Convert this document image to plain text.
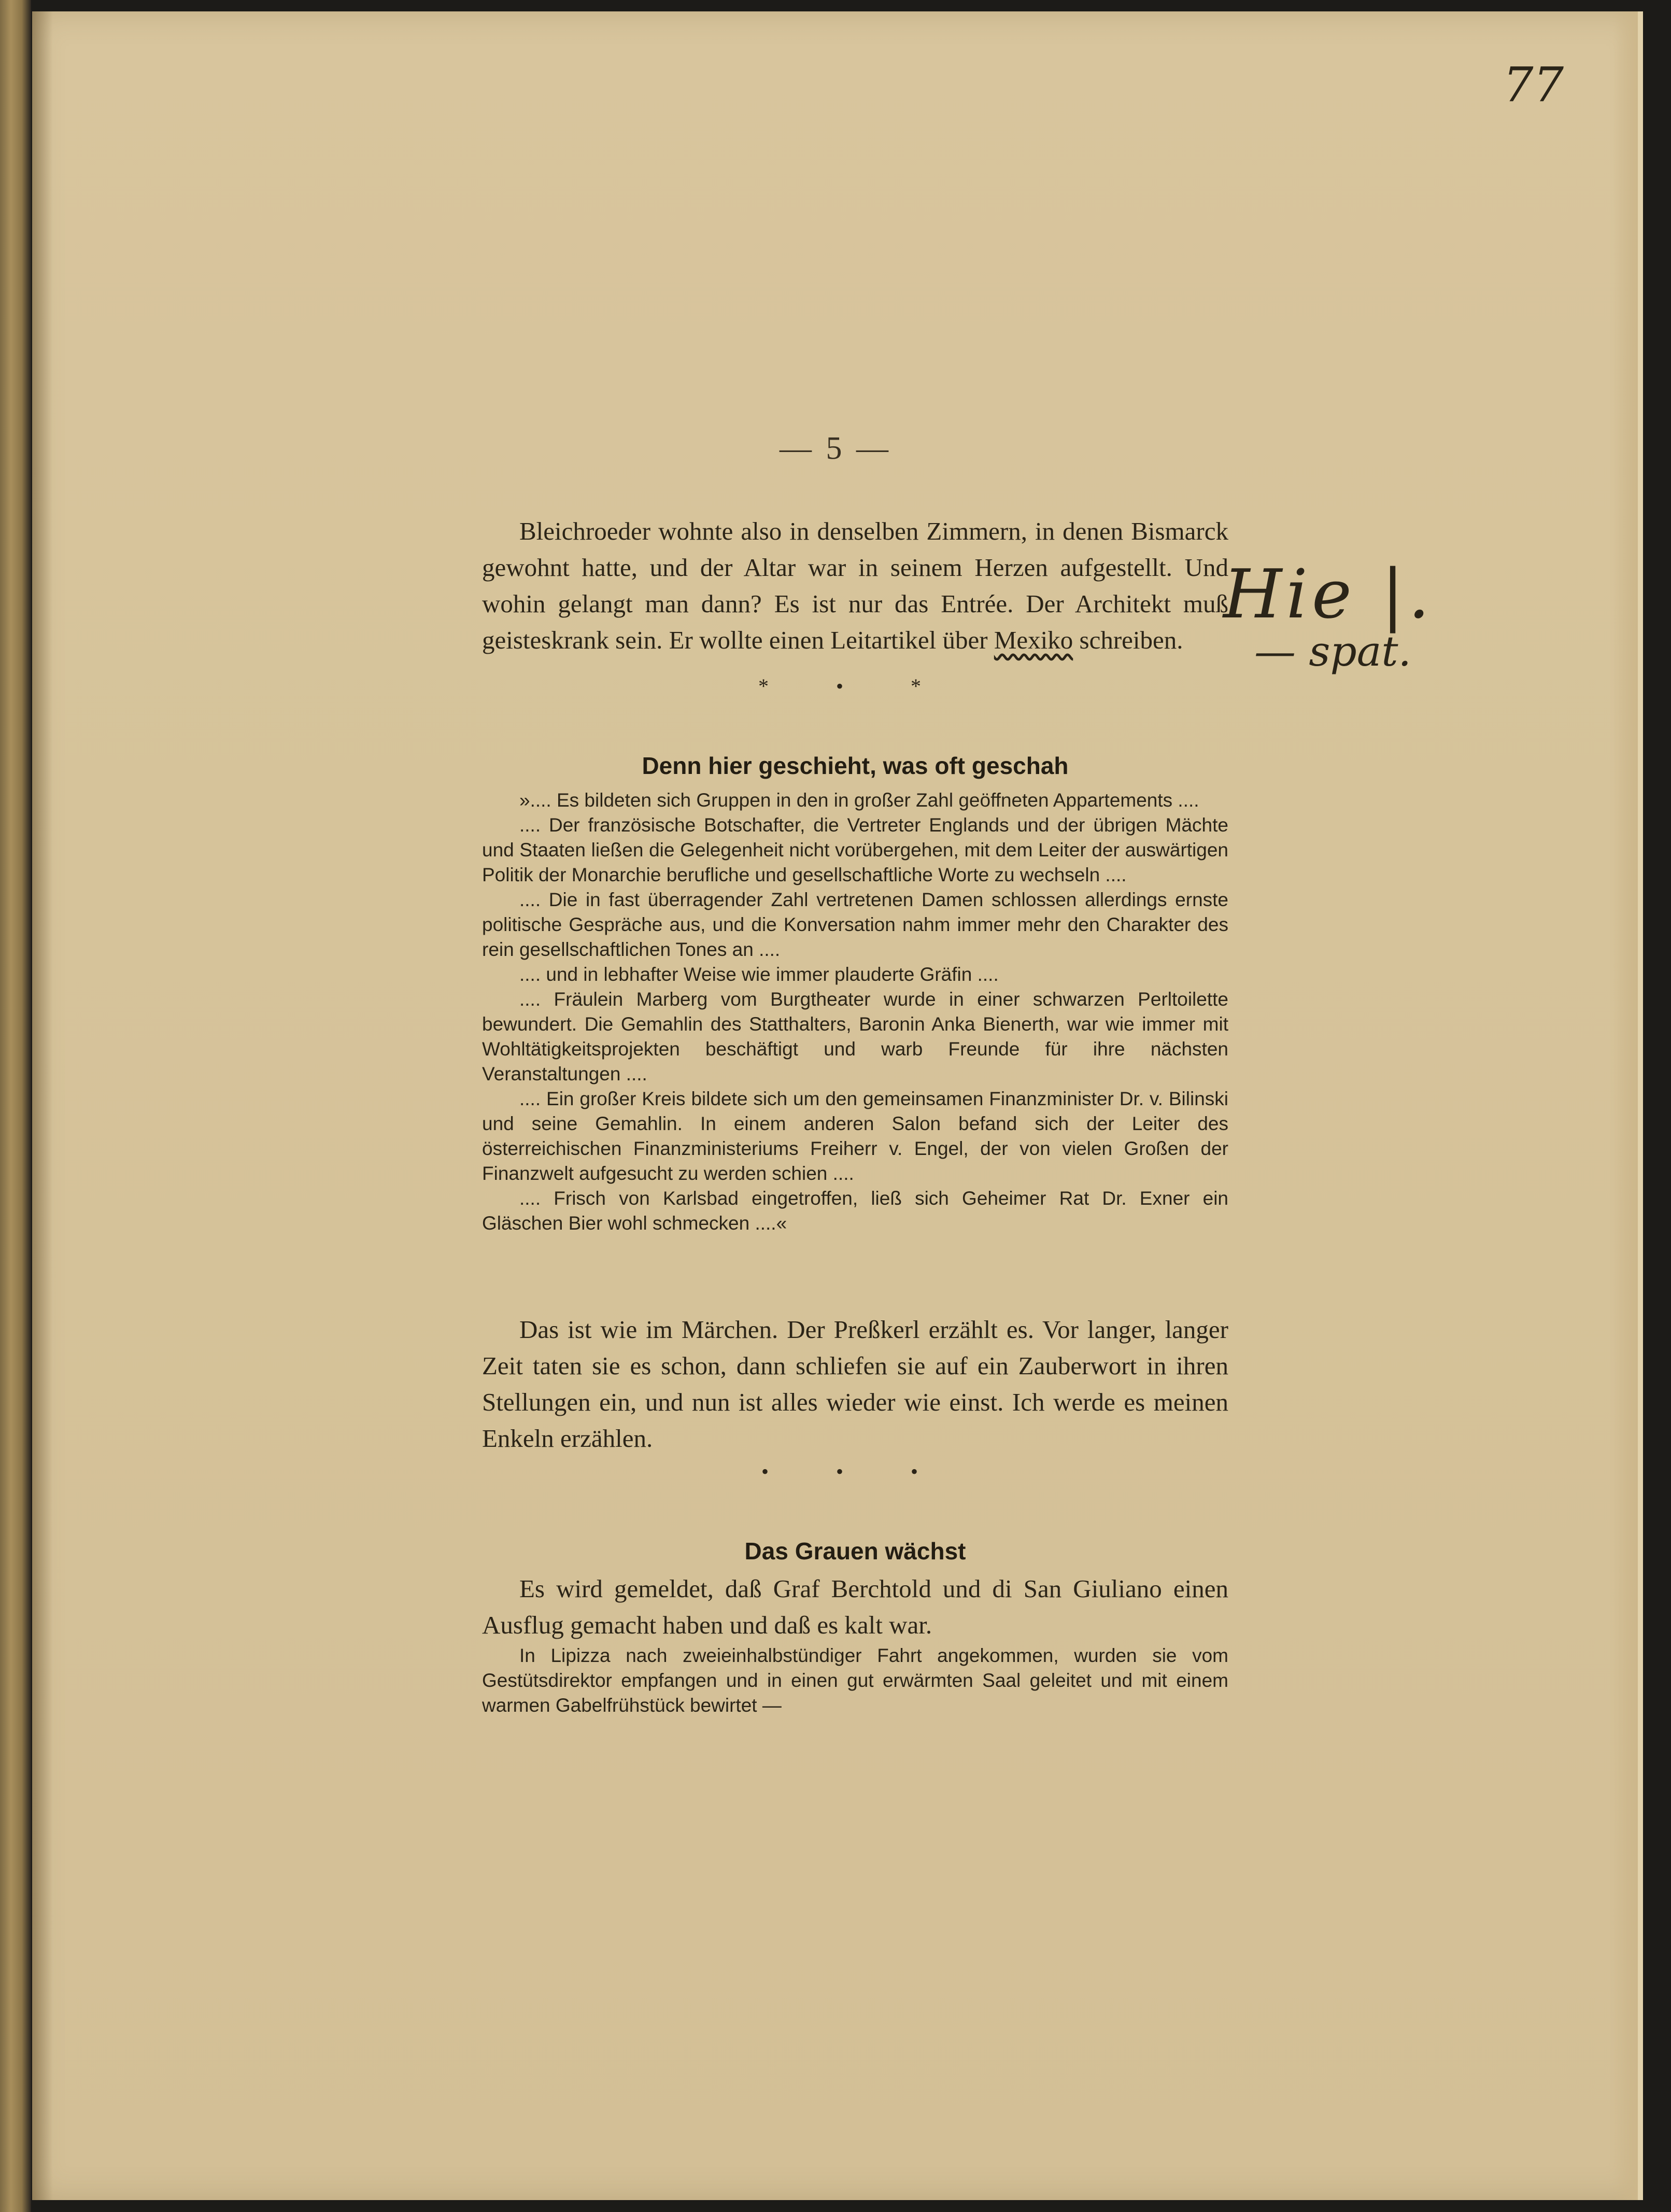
77
Hie |.
— spat.
— 5 —

Bleichroeder wohnte also in denselben Zimmern, in denen Bismarck gewohnt hatte, und der Altar war in seinem Herzen aufgestellt. Und wohin gelangt man dann? Es ist nur das Entrée. Der Architekt muß geisteskrank sein. Er wollte einen Leitartikel über Mexiko schreiben.

* • *
Denn hier geschieht, was oft geschah

».... Es bildeten sich Gruppen in den in großer Zahl geöffneten Appartements ....

.... Der französische Botschafter, die Vertreter Englands und der übrigen Mächte und Staaten ließen die Gelegenheit nicht vorübergehen, mit dem Leiter der auswärtigen Politik der Monarchie berufliche und gesellschaftliche Worte zu wechseln ....

.... Die in fast überragender Zahl vertretenen Damen schlossen allerdings ernste politische Gespräche aus, und die Konversation nahm immer mehr den Charakter des rein gesellschaftlichen Tones an ....

.... und in lebhafter Weise wie immer plauderte Gräfin ....

.... Fräulein Marberg vom Burgtheater wurde in einer schwarzen Perltoilette bewundert. Die Gemahlin des Statthalters, Baronin Anka Bienerth, war wie immer mit Wohltätigkeitsprojekten beschäftigt und warb Freunde für ihre nächsten Veranstaltungen ....

.... Ein großer Kreis bildete sich um den gemeinsamen Finanzminister Dr. v. Bilinski und seine Gemahlin. In einem anderen Salon befand sich der Leiter des österreichischen Finanzministeriums Freiherr v. Engel, der von vielen Großen der Finanzwelt aufgesucht zu werden schien ....

.... Frisch von Karlsbad eingetroffen, ließ sich Geheimer Rat Dr. Exner ein Gläschen Bier wohl schmecken ....«

Das ist wie im Märchen. Der Preßkerl erzählt es. Vor langer, langer Zeit taten sie es schon, dann schliefen sie auf ein Zauberwort in ihren Stellungen ein, und nun ist alles wieder wie einst. Ich werde es meinen Enkeln erzählen.

• • •
Das Grauen wächst

Es wird gemeldet, daß Graf Berchtold und di San Giuliano einen Ausflug gemacht haben und daß es kalt war.

In Lipizza nach zweieinhalbstündiger Fahrt angekommen, wurden sie vom Gestütsdirektor empfangen und in einen gut erwärmten Saal geleitet und mit einem warmen Gabelfrühstück bewirtet —
